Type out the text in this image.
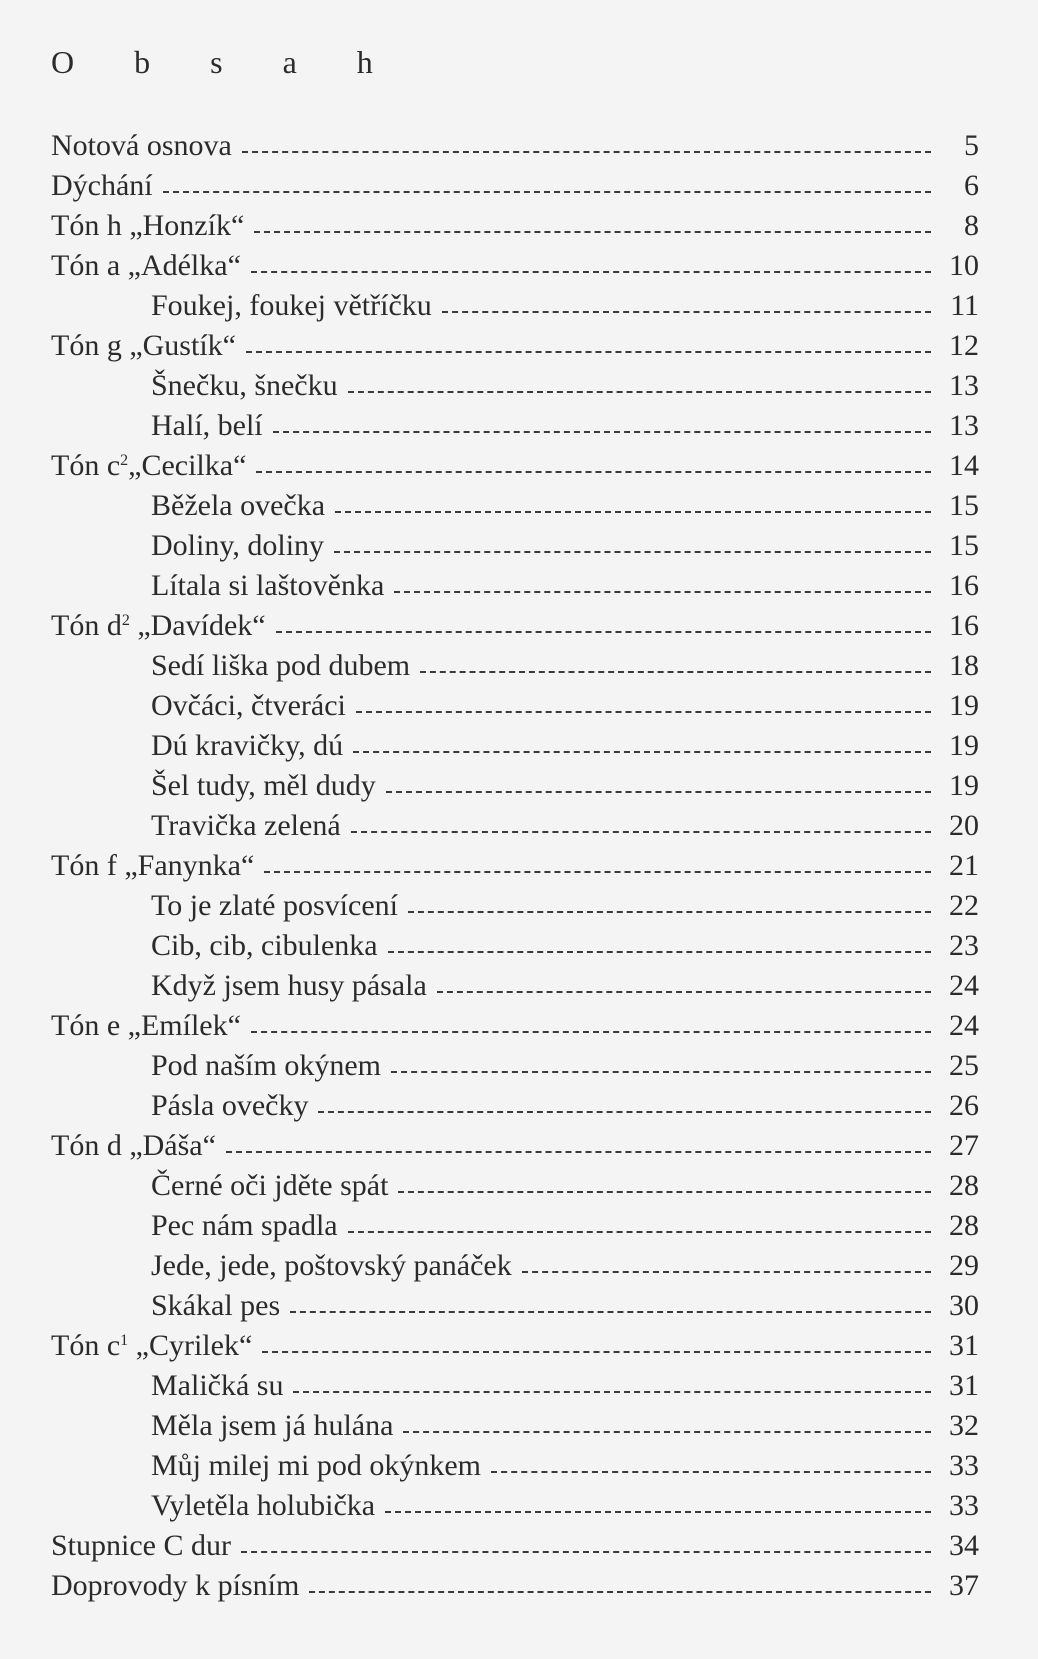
O b s a h
Notová osnova	5
Dýchání	6
Tón h „Honzík“	8
Tón a „Adélka“	10
Foukej, foukej větříčku	11
Tón g „Gustík“	12
Šnečku, šnečku	13
Halí, belí	13
Tón $c^2„Cecilka“$	14
Běžela ovečka	15
Doliny, doliny	15
Lítala si laštověnka	16
Tón $d^2$ „Davídek“	16
Sedí liška pod dubem	18
Ovčáci, čtveráci	19
Dú kravičky, dú	19
Šel tudy, měl dudy	19
Travička zelená	20
Tón f „Fanynka“	21
To je zlaté posvícení	22
Cib, cib, cibulenka	23
Když jsem husy pásala	24
Tón e „Emílek“	24
Pod naším okýnem	25
Pásla ovečky	26
Tón d „Dáša“	27
Černé oči jděte spát	28
Pec nám spadla	28
Jede, jede, poštovský panáček	29
Skákal pes	30
Tón $c^1$ „Cyrilek“	31
Maličká su	31
Měla jsem já hulána	32
Můj milej mi pod okýnkem	33
Vyletěla holubička	33
Stupnice C dur	34
Doprovody k písním	37
